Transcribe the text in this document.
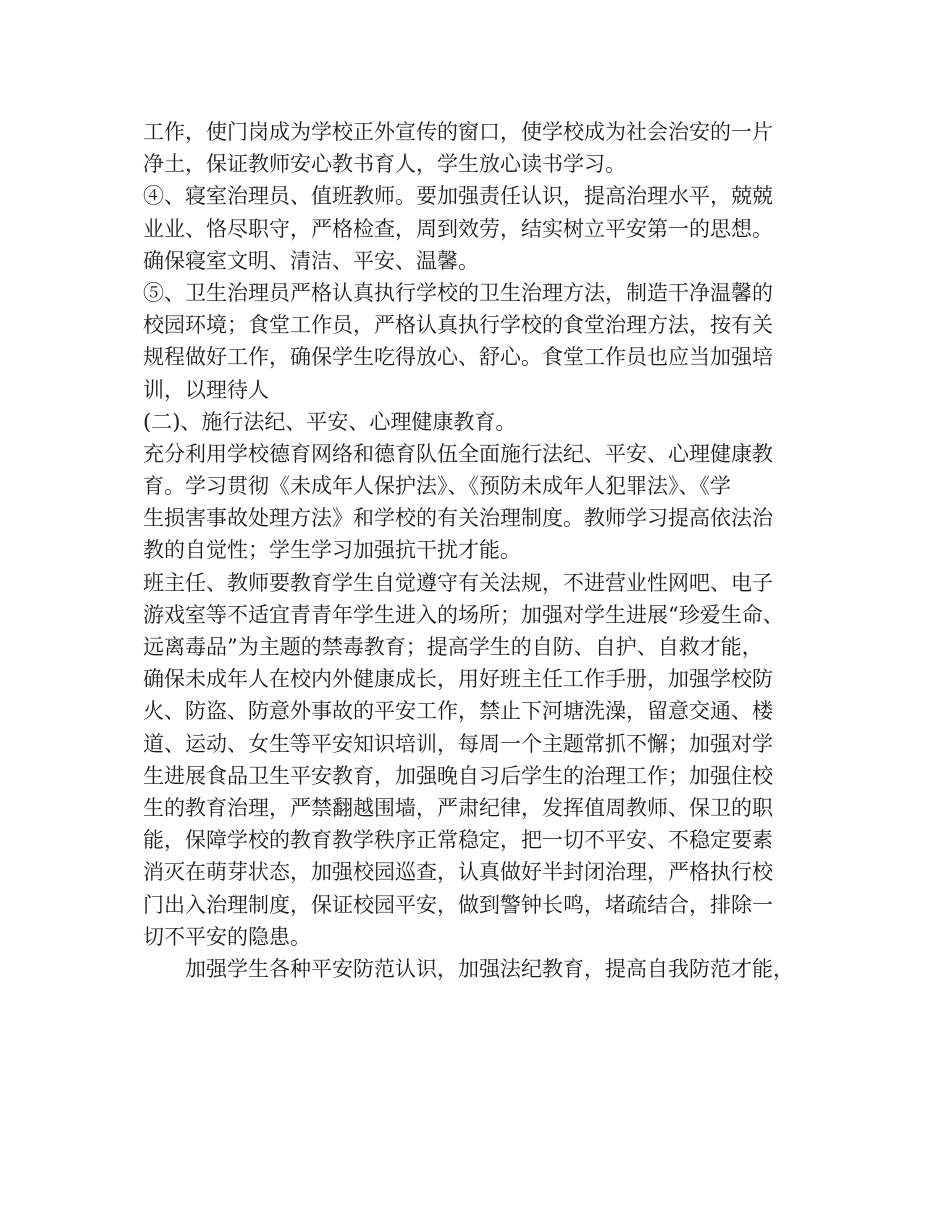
工作，使门岗成为学校正外宣传的窗口，使学校成为社会治安的一片
净土，保证教师安心教书育人，学生放心读书学习。
④、寝室治理员、值班教师。要加强责任认识，提高治理水平，兢兢
业业、恪尽职守，严格检查，周到效劳，结实树立平安第一的思想。
确保寝室文明、清洁、平安、温馨。
⑤、卫生治理员严格认真执行学校的卫生治理方法，制造干净温馨的
校园环境；食堂工作员，严格认真执行学校的食堂治理方法，按有关
规程做好工作，确保学生吃得放心、舒心。食堂工作员也应当加强培
训，以理待人
(二)、施行法纪、平安、心理健康教育。
充分利用学校德育网络和德育队伍全面施行法纪、平安、心理健康教
育。学习贯彻《未成年人保护法》、《预防未成年人犯罪法》、《学
生损害事故处理方法》和学校的有关治理制度。教师学习提高依法治
教的自觉性；学生学习加强抗干扰才能。
班主任、教师要教育学生自觉遵守有关法规，不进营业性网吧、电子
游戏室等不适宜青青年学生进入的场所；加强对学生进展“珍爱生命、
远离毒品”为主题的禁毒教育；提高学生的自防、自护、自救才能，
确保未成年人在校内外健康成长，用好班主任工作手册，加强学校防
火、防盗、防意外事故的平安工作，禁止下河塘洗澡，留意交通、楼
道、运动、女生等平安知识培训，每周一个主题常抓不懈；加强对学
生进展食品卫生平安教育，加强晚自习后学生的治理工作；加强住校
生的教育治理，严禁翻越围墙，严肃纪律，发挥值周教师、保卫的职
能，保障学校的教育教学秩序正常稳定，把一切不平安、不稳定要素
消灭在萌芽状态，加强校园巡查，认真做好半封闭治理，严格执行校
门出入治理制度，保证校园平安，做到警钟长鸣，堵疏结合，排除一
切不平安的隐患。
加强学生各种平安防范认识，加强法纪教育，提高自我防范才能，
